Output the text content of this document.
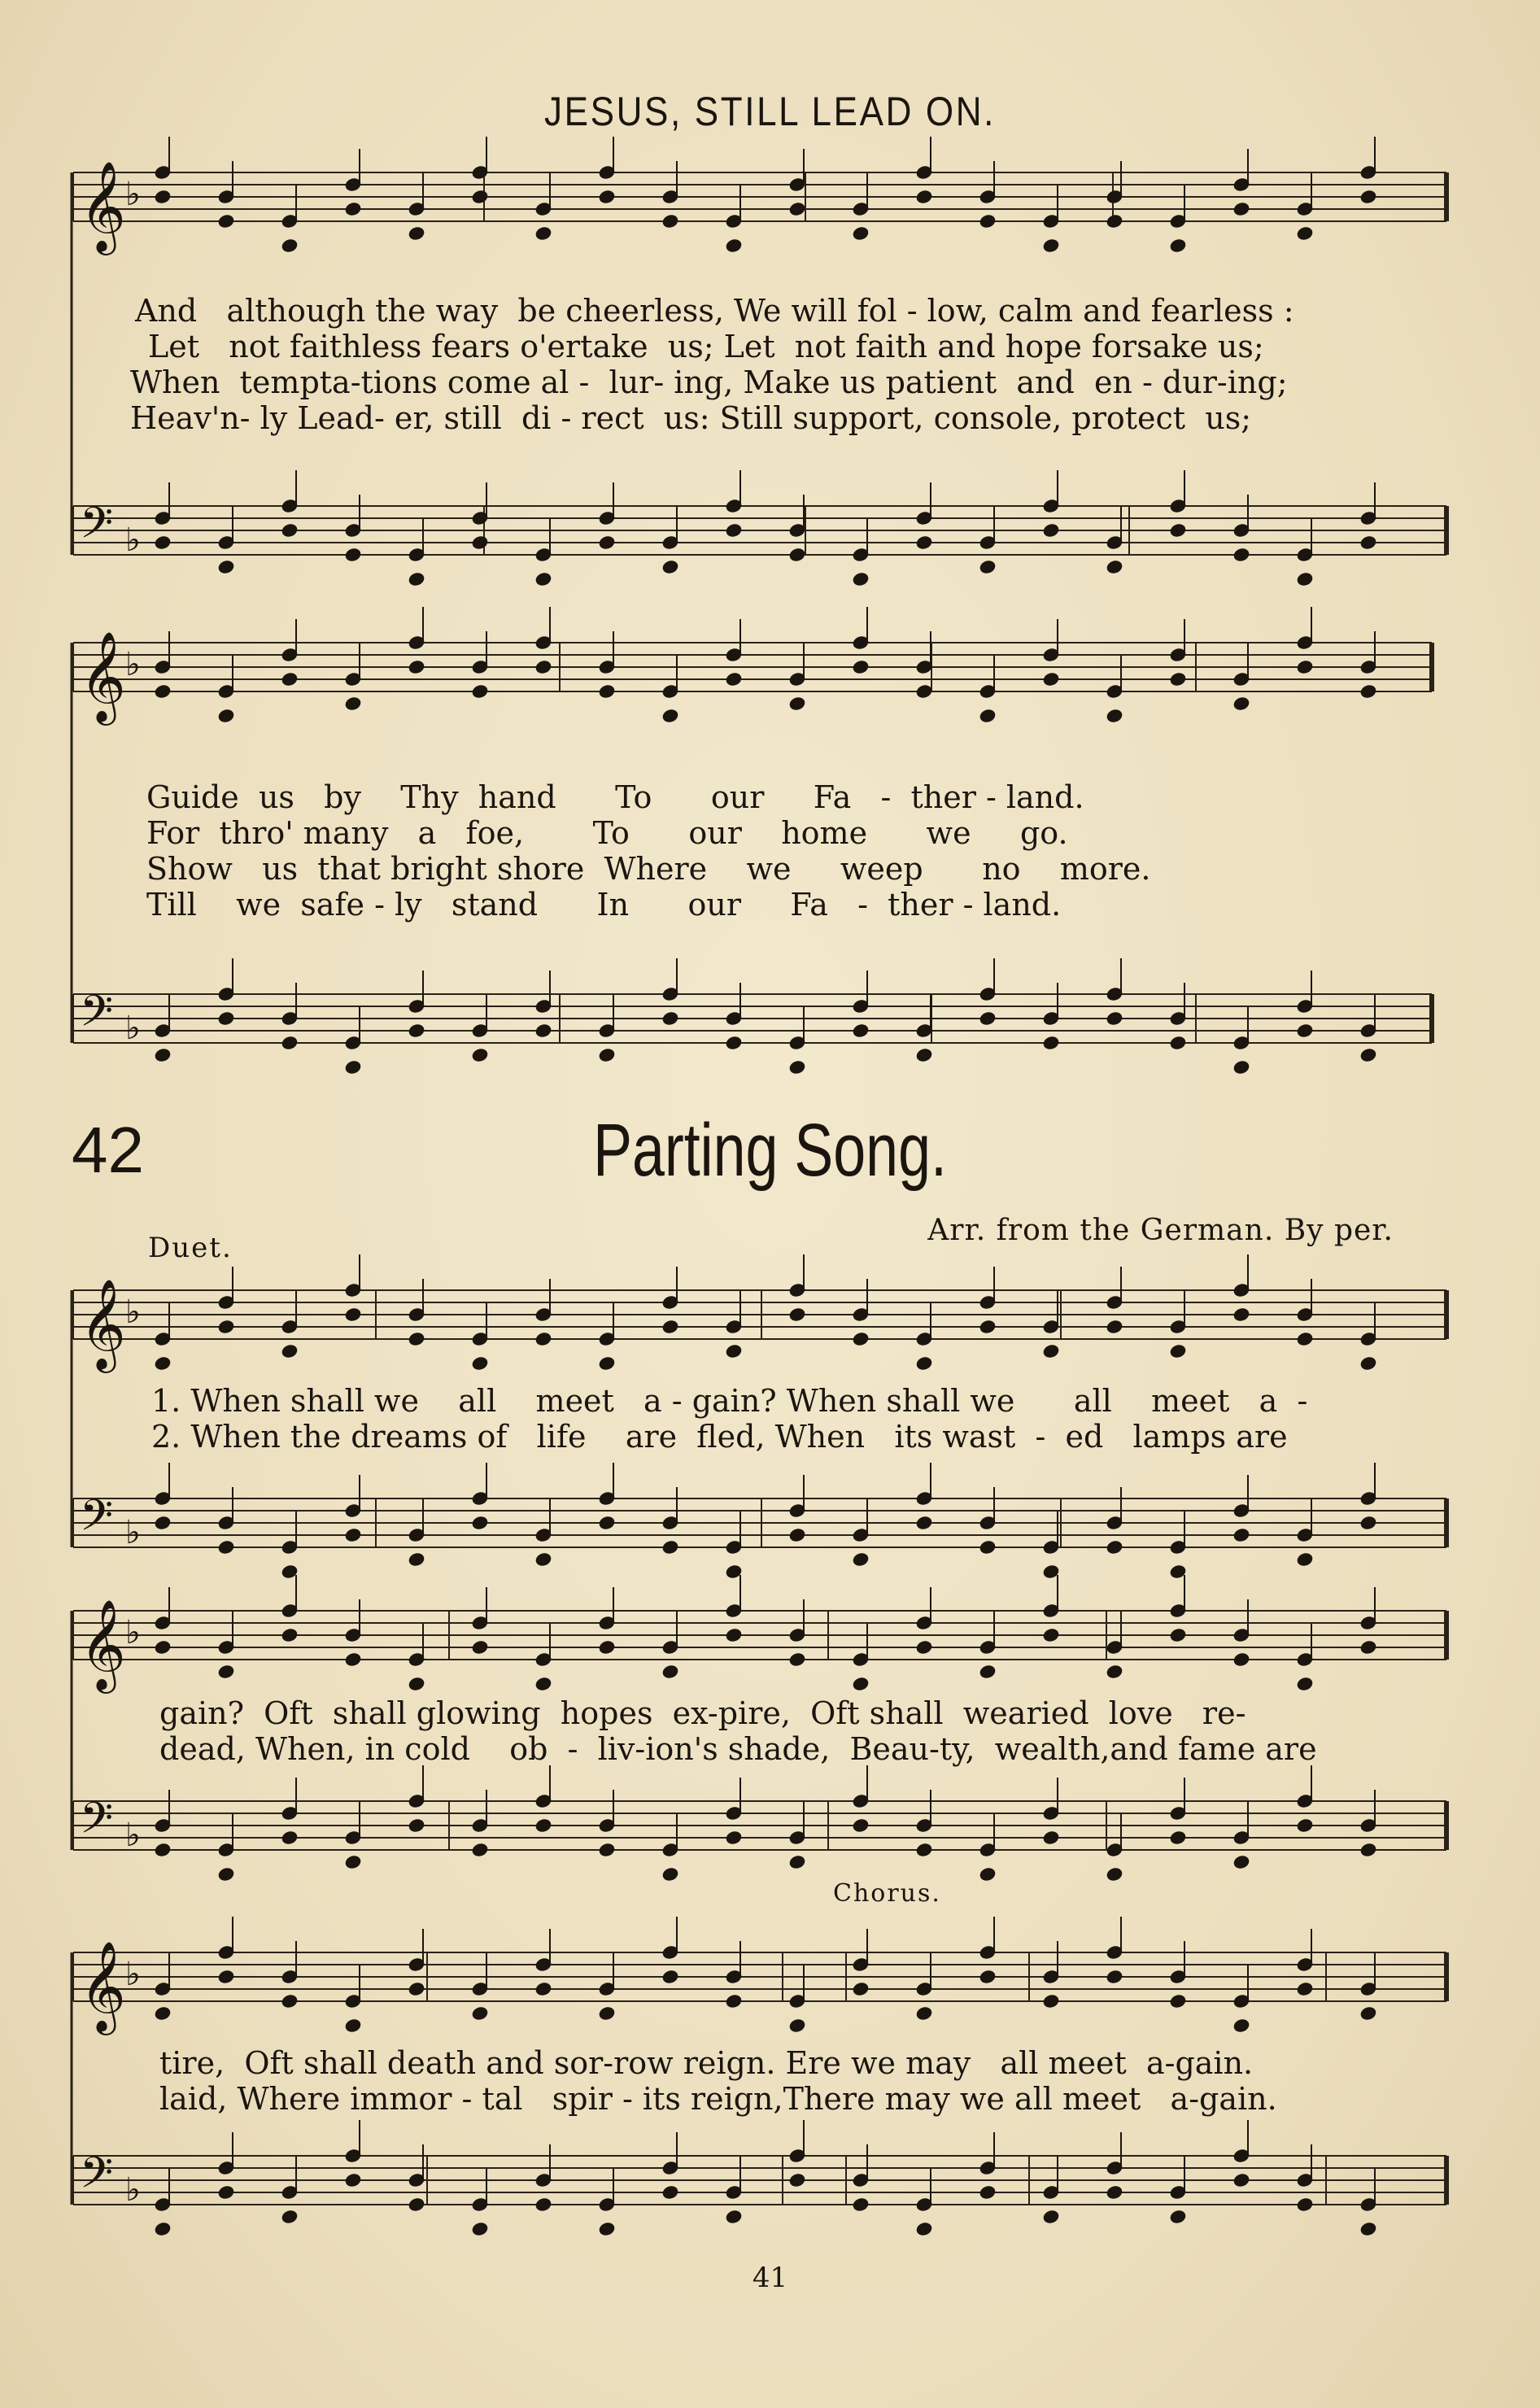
JESUS, STILL LEAD ON.
𝄞 ♭
𝄢 ♭
𝄞 ♭
𝄢 ♭
𝄞 ♭
𝄢 ♭
𝄞 ♭
𝄢 ♭
𝄞 ♭
𝄢 ♭
And   although the way  be cheerless, We will fol - low, calm and fearless :
Let   not faithless fears o'ertake  us; Let  not faith and hope forsake us;
When  tempta-tions come al -  lur- ing, Make us patient  and  en - dur-ing;
Heav'n- ly Lead- er, still  di - rect  us: Still support, console, protect  us;
Guide  us   by    Thy  hand      To      our     Fa   -  ther - land.
For  thro' many   a   foe,       To      our    home      we     go.
Show   us  that bright shore  Where    we     weep      no    more.
Till    we  safe - ly   stand      In      our     Fa   -  ther - land.
42	Parting Song.
Arr. from the German. By per.
Duet.
1. When shall we    all    meet   a - gain? When shall we      all    meet   a  -
2. When the dreams of   life    are  fled, When   its wast  -  ed   lamps are
gain?  Oft  shall glowing  hopes  ex-pire,  Oft shall  wearied  love   re-
dead, When, in cold    ob  -  liv-ion's shade,  Beau-ty,  wealth,and fame are
Chorus.
tire,  Oft shall death and sor-row reign. Ere we may   all meet  a-gain.
laid, Where immor - tal   spir - its reign,There may we all meet   a-gain.
41
